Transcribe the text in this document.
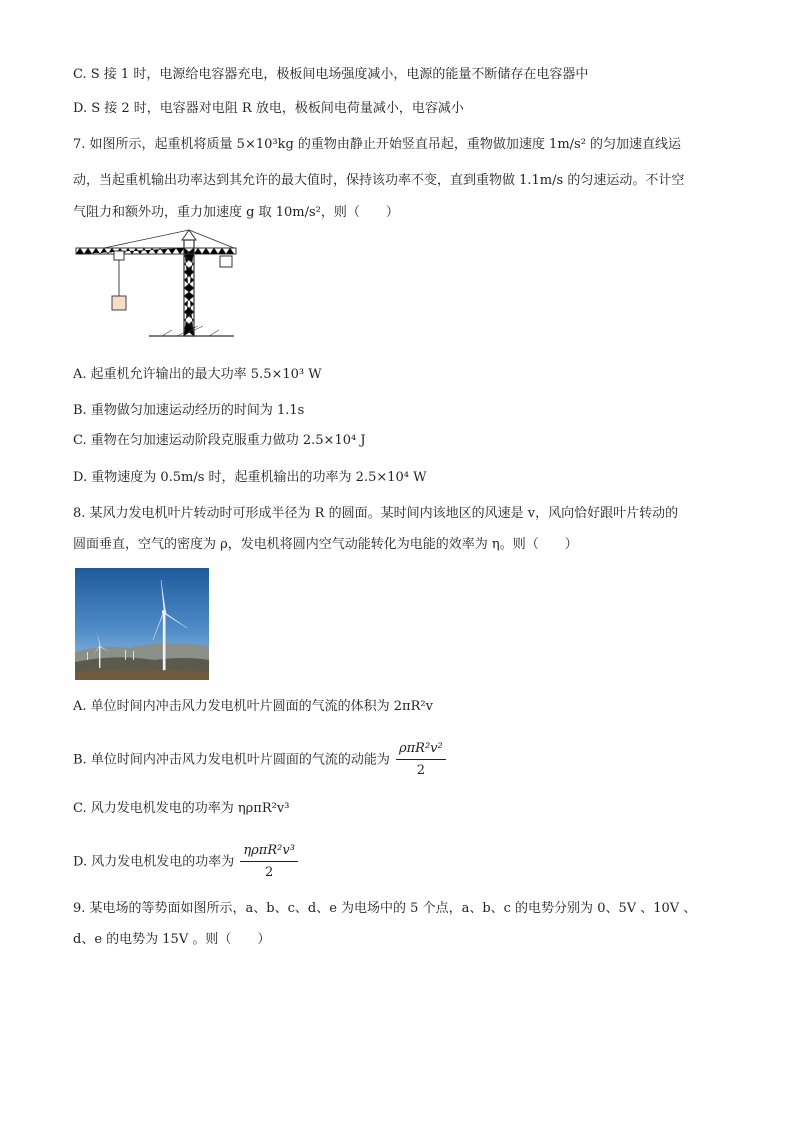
C. S 接 1 时，电源给电容器充电，极板间电场强度减小，电源的能量不断储存在电容器中
D. S 接 2 时，电容器对电阻 R 放电，极板间电荷量减小，电容减小
7. 如图所示，起重机将质量 5×10³kg 的重物由静止开始竖直吊起，重物做加速度 1m/s² 的匀加速直线运
动，当起重机输出功率达到其允许的最大值时，保持该功率不变，直到重物做 1.1m/s 的匀速运动。不计空
气阻力和额外功，重力加速度 g 取 10m/s²，则（　　）
A. 起重机允许输出的最大功率 5.5×10³ W
B. 重物做匀加速运动经历的时间为 1.1s
C. 重物在匀加速运动阶段克服重力做功 2.5×10⁴ J
D. 重物速度为 0.5m/s 时，起重机输出的功率为 2.5×10⁴ W
8. 某风力发电机叶片转动时可形成半径为 R 的圆面。某时间内该地区的风速是 v，风向恰好跟叶片转动的
圆面垂直，空气的密度为 ρ，发电机将圆内空气动能转化为电能的效率为 η。则（　　）
A. 单位时间内冲击风力发电机叶片圆面的气流的体积为 2πR²v
B. 单位时间内冲击风力发电机叶片圆面的气流的动能为 $\frac{\text{ρπR²v²}}{2}$
C. 风力发电机发电的功率为 ηρπR²v³
D. 风力发电机发电的功率为 $\frac{\text{ηρπR²v³}}{2}$
9. 某电场的等势面如图所示，a、b、c、d、e 为电场中的 5 个点，a、b、c 的电势分别为 0、5V 、10V 、
d、e 的电势为 15V 。则（　　）
